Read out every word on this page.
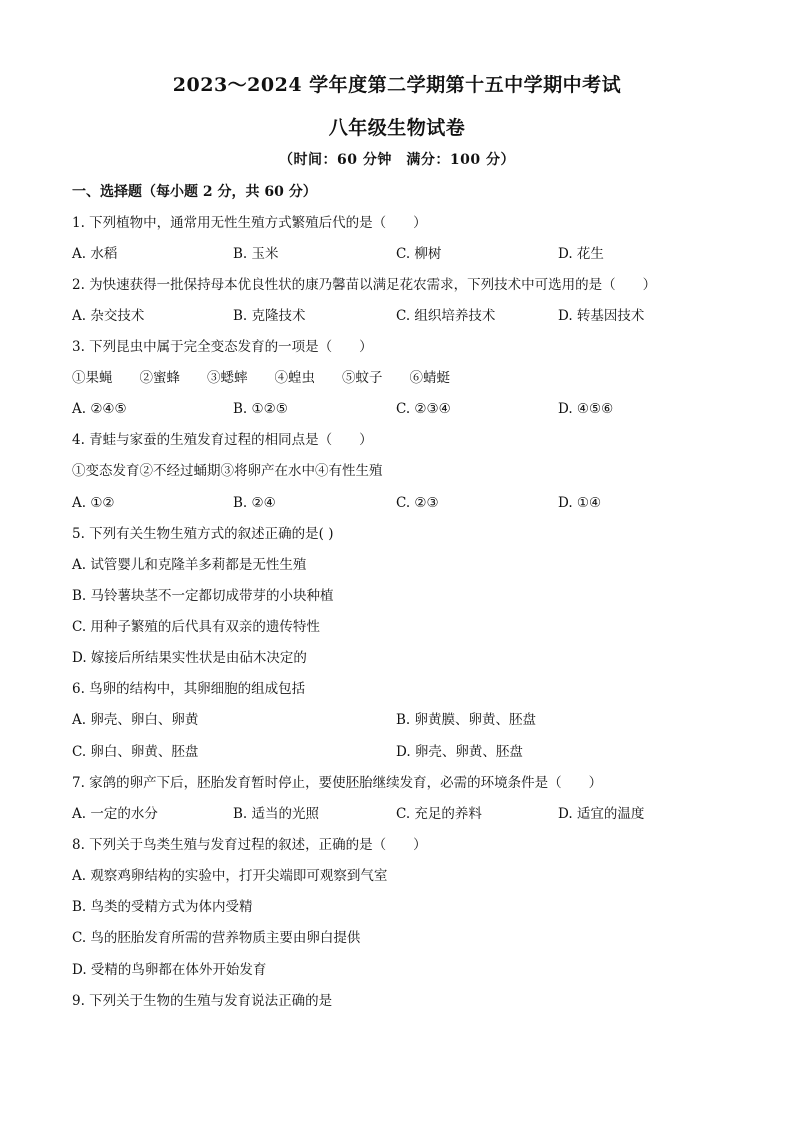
2023～2024 学年度第二学期第十五中学期中考试
八年级生物试卷
（时间：60 分钟　满分：100 分）
一、选择题（每小题 2 分，共 60 分）
1. 下列植物中，通常用无性生殖方式繁殖后代的是（　　）
A. 水稻	B. 玉米	C. 柳树	D. 花生
2. 为快速获得一批保持母本优良性状的康乃馨苗以满足花农需求，下列技术中可选用的是（　　）
A. 杂交技术	B. 克隆技术	C. 组织培养技术	D. 转基因技术
3. 下列昆虫中属于完全变态发育的一项是（　　）
①果蝇　　②蜜蜂　　③蟋蟀　　④蝗虫　　⑤蚊子　　⑥蜻蜓
A. ②④⑤	B. ①②⑤	C. ②③④	D. ④⑤⑥
4. 青蛙与家蚕的生殖发育过程的相同点是（　　）
①变态发育②不经过蛹期③将卵产在水中④有性生殖
A. ①②	B. ②④	C. ②③	D. ①④
5. 下列有关生物生殖方式的叙述正确的是( )
A. 试管婴儿和克隆羊多莉都是无性生殖
B. 马铃薯块茎不一定都切成带芽的小块种植
C. 用种子繁殖的后代具有双亲的遗传特性
D. 嫁接后所结果实性状是由砧木决定的
6. 鸟卵的结构中，其卵细胞的组成包括
A. 卵壳、卵白、卵黄	B. 卵黄膜、卵黄、胚盘
C. 卵白、卵黄、胚盘	D. 卵壳、卵黄、胚盘
7. 家鸽的卵产下后，胚胎发育暂时停止，要使胚胎继续发育，必需的环境条件是（　　）
A. 一定的水分	B. 适当的光照	C. 充足的养料	D. 适宜的温度
8. 下列关于鸟类生殖与发育过程的叙述，正确的是（　　）
A. 观察鸡卵结构的实验中，打开尖端即可观察到气室
B. 鸟类的受精方式为体内受精
C. 鸟的胚胎发育所需的营养物质主要由卵白提供
D. 受精的鸟卵都在体外开始发育
9. 下列关于生物的生殖与发育说法正确的是
